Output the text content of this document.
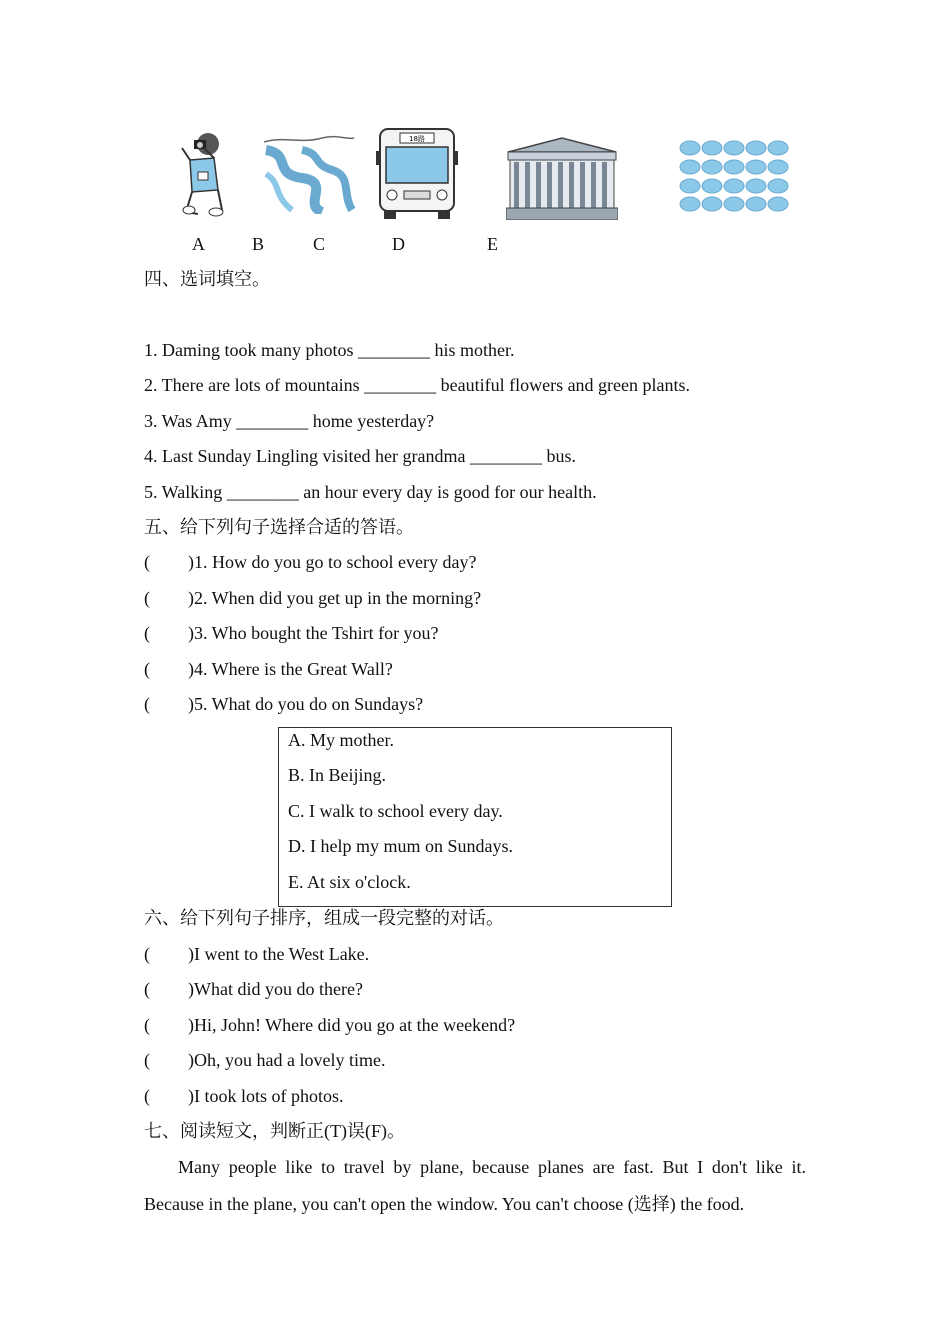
18路
A	B	C	D	E
四、选词填空。
1. Daming took many photos ________ his mother.
2. There are lots of mountains ________ beautiful flowers and green plants.
3. Was Amy ________ home yesterday?
4. Last Sunday Lingling visited her grandma ________ bus.
5. Walking ________ an hour every day is good for our health.
五、给下列句子选择合适的答语。
( )1. How do you go to school every day?
( )2. When did you get up in the morning?
( )3. Who bought the Tshirt for you?
( )4. Where is the Great Wall?
( )5. What do you do on Sundays?
A. My mother.
B. In Beijing.
C. I walk to school every day.
D. I help my mum on Sundays.
E. At six o'clock.
六、给下列句子排序，组成一段完整的对话。
( )I went to the West Lake.
( )What did you do there?
( )Hi, John! Where did you go at the weekend?
( )Oh, you had a lovely time.
( )I took lots of photos.
七、阅读短文，判断正(T)误(F)。
Many people like to travel by plane, because planes are fast. But I don't like it. Because in the plane, you can't open the window. You can't choose (选择) the food.
